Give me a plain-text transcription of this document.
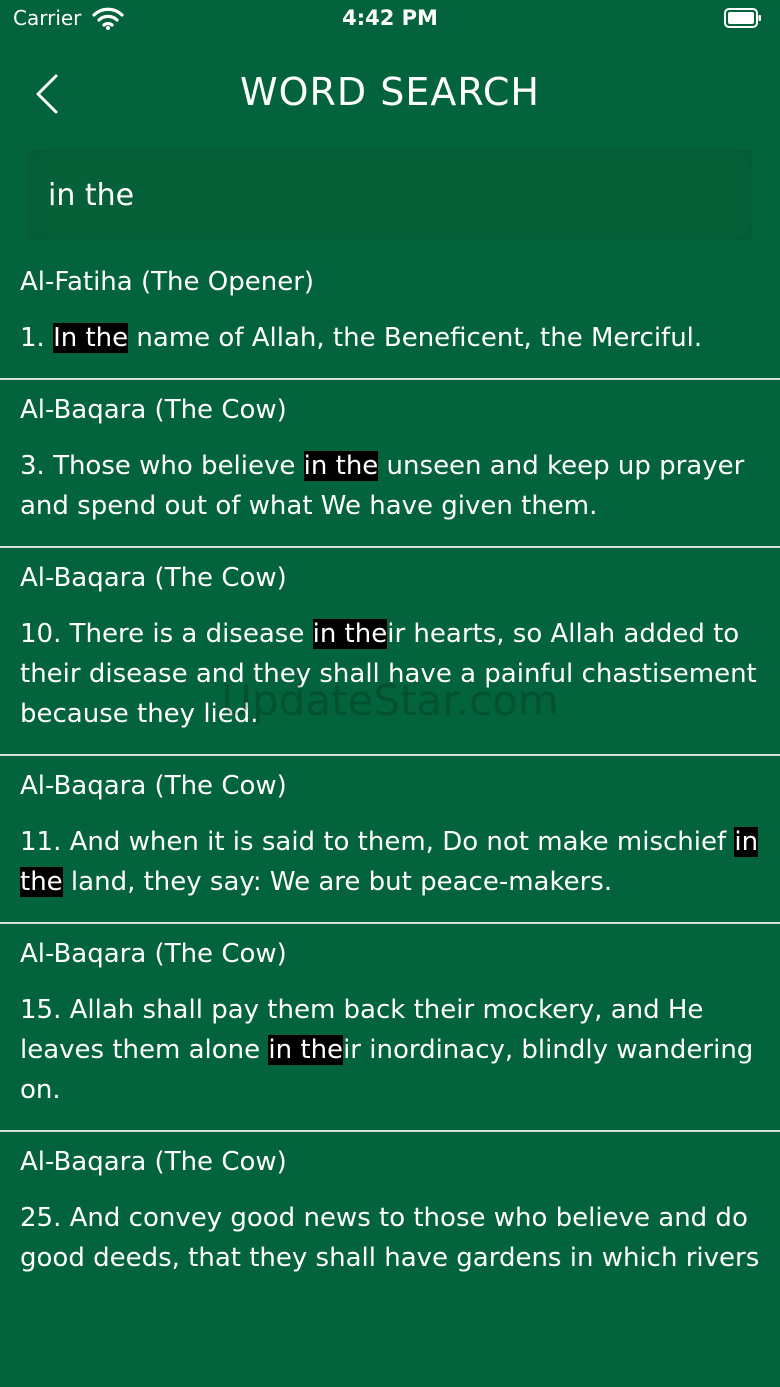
Carrier	4:42 PM
WORD SEARCH
in the
Al-Fatiha (The Opener)
1. In the name of Allah, the Beneficent, the Merciful.
Al-Baqara (The Cow)
3. Those who believe in the unseen and keep up prayer and spend out of what We have given them.
Al-Baqara (The Cow)
10. There is a disease in their hearts, so Allah added to their disease and they shall have a painful chastisement because they lied.
Al-Baqara (The Cow)
11. And when it is said to them, Do not make mischief in the land, they say: We are but peace-makers.
Al-Baqara (The Cow)
15. Allah shall pay them back their mockery, and He leaves them alone in their inordinacy, blindly wandering on.
Al-Baqara (The Cow)
25. And convey good news to those who believe and do good deeds, that they shall have gardens in which rivers
UpdateStar.com
